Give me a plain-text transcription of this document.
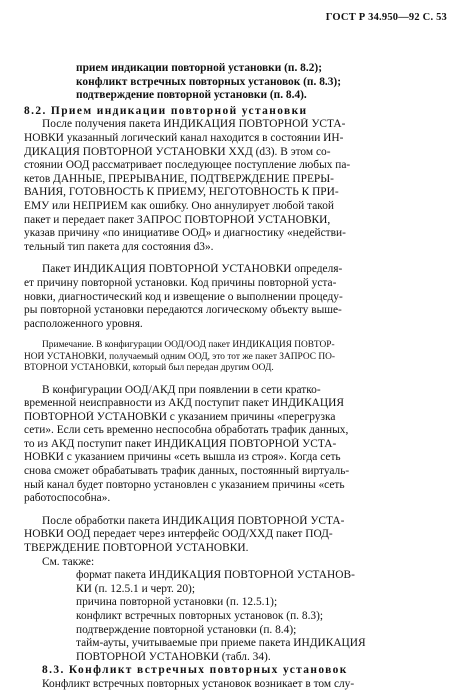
ГОСТ Р 34.950—92 С. 53
прием индикации повторной установки (п. 8.2);
конфликт встречных повторных установок (п. 8.3);
подтверждение повторной установки (п. 8.4).
8.2. Прием индикации повторной установки
После получения пакета ИНДИКАЦИЯ ПОВТОРНОЙ УСТА-
НОВКИ указанный логический канал находится в состоянии ИН-
ДИКАЦИЯ ПОВТОРНОЙ УСТАНОВКИ ХХД (d3). В этом со-
стоянии ООД рассматривает последующее поступление любых па-
кетов ДАННЫЕ, ПРЕРЫВАНИЕ, ПОДТВЕРЖДЕНИЕ ПРЕРЫ-
ВАНИЯ, ГОТОВНОСТЬ К ПРИЕМУ, НЕГОТОВНОСТЬ К ПРИ-
ЕМУ или НЕПРИЕМ как ошибку. Оно аннулирует любой такой
пакет и передает пакет ЗАПРОС ПОВТОРНОЙ УСТАНОВКИ,
указав причину «по инициативе ООД» и диагностику «недействи-
тельный тип пакета для состояния d3».
Пакет ИНДИКАЦИЯ ПОВТОРНОЙ УСТАНОВКИ определя-
ет причину повторной установки. Код причины повторной уста-
новки, диагностический код и извещение о выполнении процеду-
ры повторной установки передаются логическому объекту выше-
расположенного уровня.
Примечание. В конфигурации ООД/ООД пакет ИНДИКАЦИЯ ПОВТОР-
НОЙ УСТАНОВКИ, получаемый одним ООД, это тот же пакет ЗАПРОС ПО-
ВТОРНОЙ УСТАНОВКИ, который был передан другим ООД.
В конфигурации ООД/АКД при появлении в сети кратко-
временной неисправности из АКД поступит пакет ИНДИКАЦИЯ
ПОВТОРНОЙ УСТАНОВКИ с указанием причины «перегрузка
сети». Если сеть временно неспособна обработать трафик данных,
то из АКД поступит пакет ИНДИКАЦИЯ ПОВТОРНОЙ УСТА-
НОВКИ с указанием причины «сеть вышла из строя». Когда сеть
снова сможет обрабатывать трафик данных, постоянный виртуаль-
ный канал будет повторно установлен с указанием причины «сеть
работоспособна».
После обработки пакета ИНДИКАЦИЯ ПОВТОРНОЙ УСТА-
НОВКИ ООД передает через интерфейс ООД/ХХД пакет ПОД-
ТВЕРЖДЕНИЕ ПОВТОРНОЙ УСТАНОВКИ.
См. также:
формат пакета ИНДИКАЦИЯ ПОВТОРНОЙ УСТАНОВ-
КИ (п. 12.5.1 и черт. 20);
причина повторной установки (п. 12.5.1);
конфликт встречных повторных установок (п. 8.3);
подтверждение повторной установки (п. 8.4);
тайм-ауты, учитываемые при приеме пакета ИНДИКАЦИЯ
ПОВТОРНОЙ УСТАНОВКИ (табл. 34).
8.3. Конфликт встречных повторных установок
Конфликт встречных повторных установок возникает в том слу-
